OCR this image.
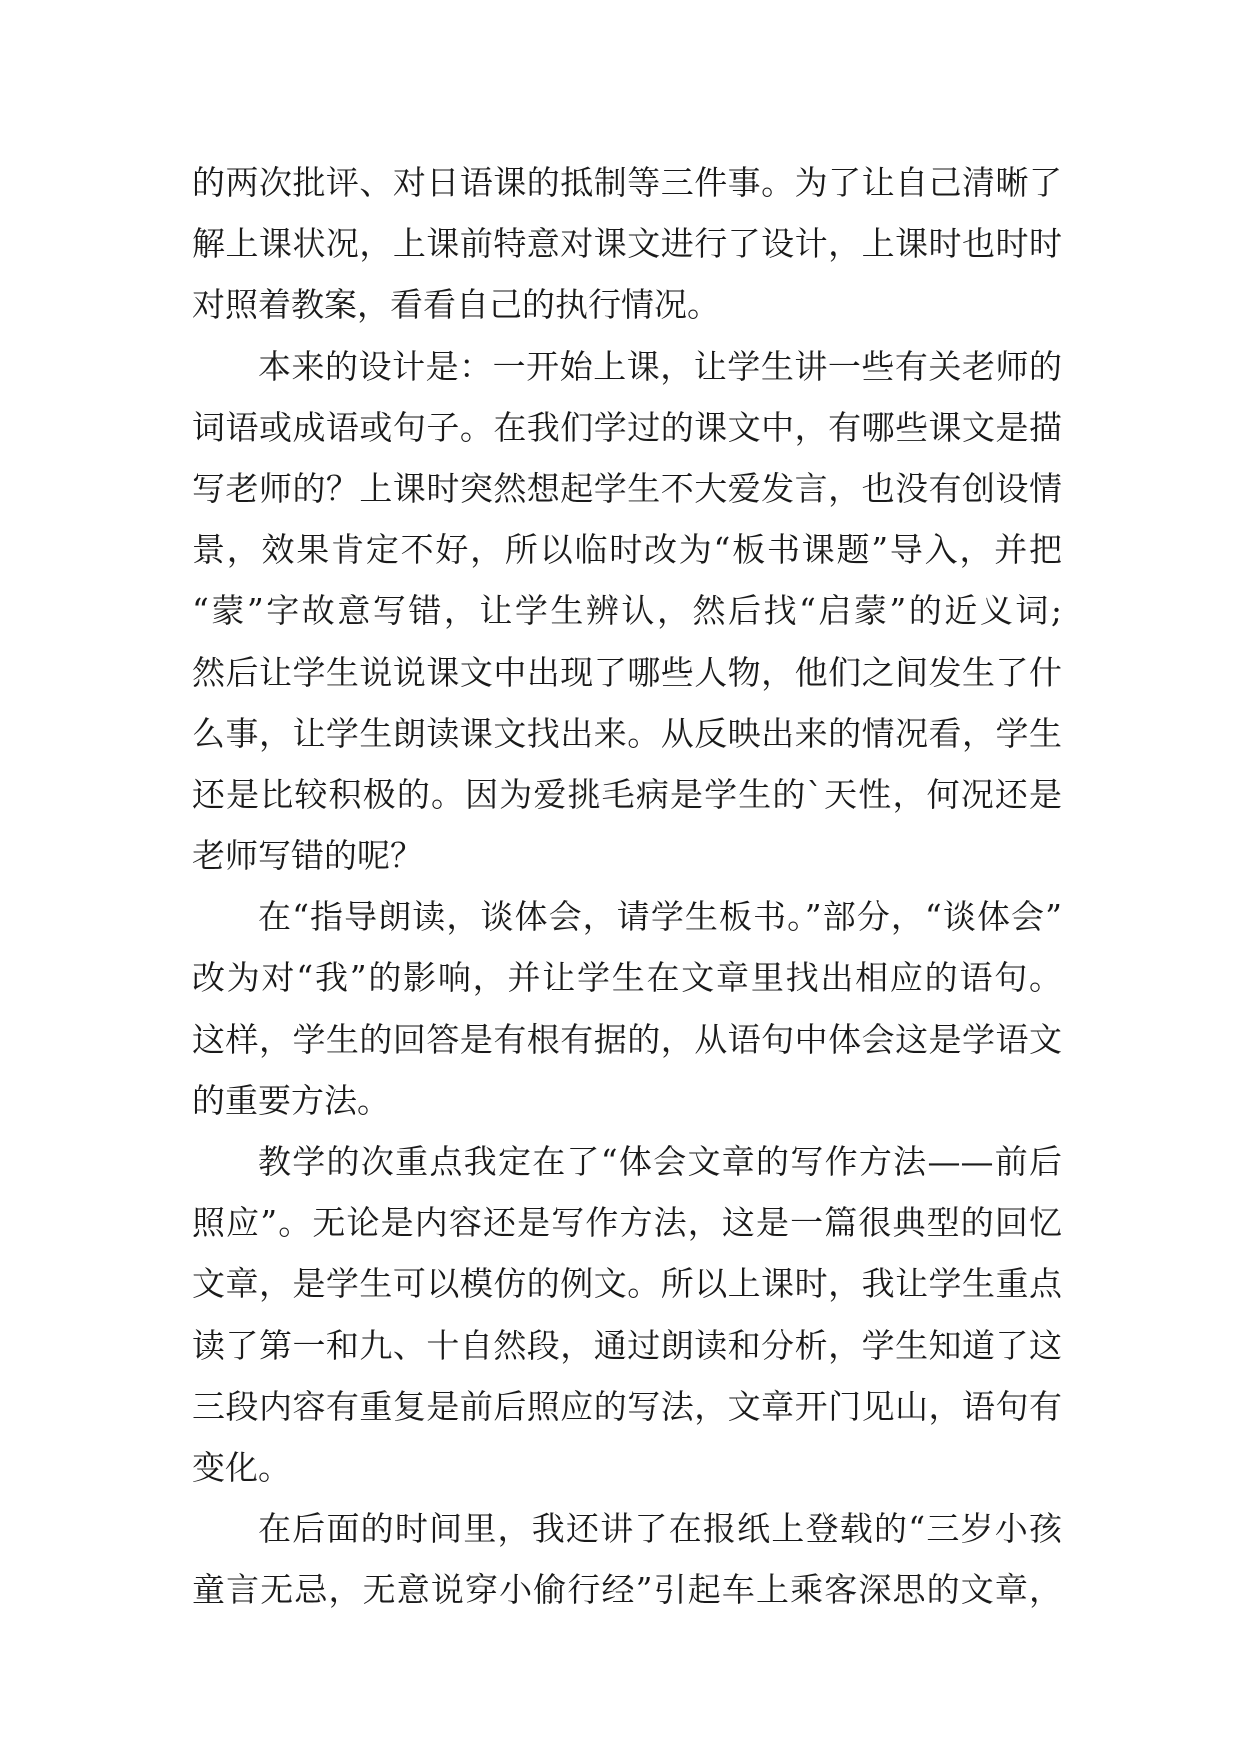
的两次批评、对日语课的抵制等三件事。为了让自己清晰了
解上课状况，上课前特意对课文进行了设计，上课时也时时
对照着教案，看看自己的执行情况。
本来的设计是：一开始上课，让学生讲一些有关老师的
词语或成语或句子。在我们学过的课文中，有哪些课文是描
写老师的？上课时突然想起学生不大爱发言，也没有创设情
景，效果肯定不好，所以临时改为“板书课题”导入，并把
“蒙”字故意写错，让学生辨认，然后找“启蒙”的近义词;
然后让学生说说课文中出现了哪些人物，他们之间发生了什
么事，让学生朗读课文找出来。从反映出来的情况看，学生
还是比较积极的。因为爱挑毛病是学生的`天性，何况还是
老师写错的呢？
在“指导朗读，谈体会，请学生板书。”部分，“谈体会”
改为对“我”的影响，并让学生在文章里找出相应的语句。
这样，学生的回答是有根有据的，从语句中体会这是学语文
的重要方法。
教学的次重点我定在了“体会文章的写作方法——前后
照应”。无论是内容还是写作方法，这是一篇很典型的回忆
文章，是学生可以模仿的例文。所以上课时，我让学生重点
读了第一和九、十自然段，通过朗读和分析，学生知道了这
三段内容有重复是前后照应的写法，文章开门见山，语句有
变化。
在后面的时间里，我还讲了在报纸上登载的“三岁小孩
童言无忌，无意说穿小偷行经”引起车上乘客深思的文章，
